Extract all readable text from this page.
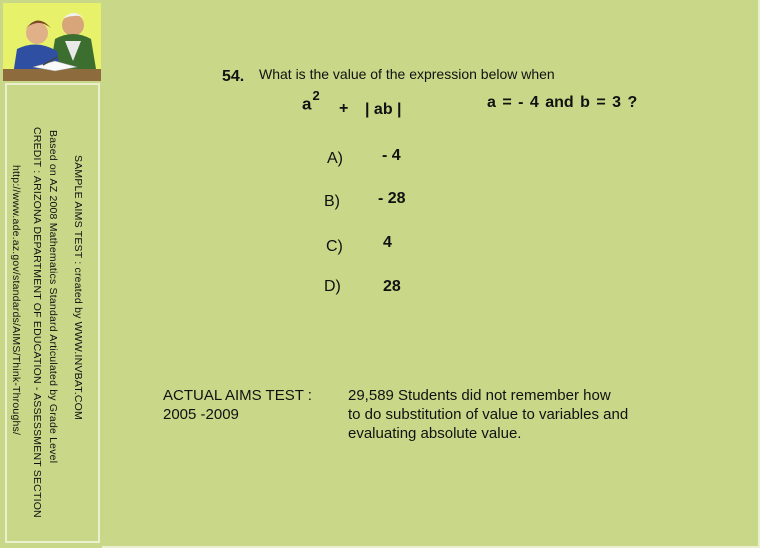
SAMPLE AIMS TEST : created by WWW.INVBAT.COM
Based on AZ 2008 Mathematics Standard Articulated by Grade Level
CREDIT : ARIZONA DEPARTMENT OF EDUCATION - ASSESSMENT SECTION
http://www.ade.az.gov/standards/AIMS/Think-Throughs/
54. What is the value of the expression below when
$a^2$
+ | ab |	a = - 4 and b = 3 ?
A) - 4
B) - 28
C)	4
D)	28
ACTUAL AIMS TEST :
2005 -2009
29,589 Students did not remember how
to do substitution of value to variables and
evaluating absolute value.
